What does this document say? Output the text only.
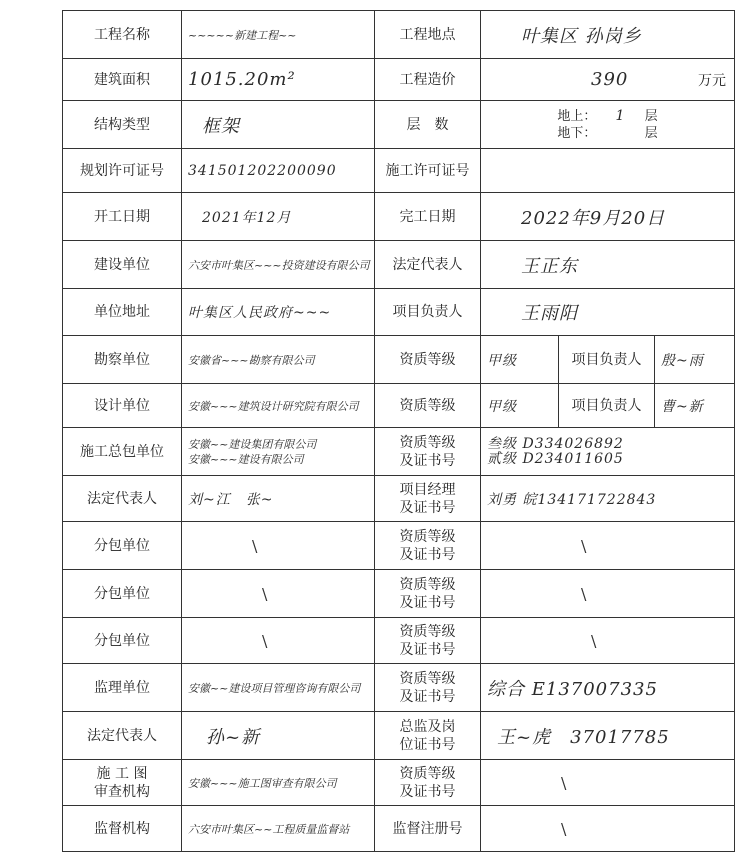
工程名称	~~~~~新建工程~~	工程地点	叶集区 孙岗乡		

建筑面积	1015.20m²	工程造价	390 万元		

结构类型	框架	层　数	地上： 1 层
地下： 层		

规划许可证号	341501202200090	施工许可证号			

开工日期	2021年12月	完工日期	2022年9月20日		

建设单位	六安市叶集区~~~投资建设有限公司	法定代表人	王正东		

单位地址	叶集区人民政府~~~	项目负责人	王雨阳		

勘察单位	安徽省~~~勘察有限公司	资质等级	甲级	项目负责人	殷~雨

设计单位	安徽~~~建筑设计研究院有限公司	资质等级	甲级	项目负责人	曹~新

施工总包单位	安徽~~建设集团有限公司
安徽~~~建设有限公司	资质等级
及证书号	叁级 D334026892
贰级 D234011605		

法定代表人	刘~江　张~	项目经理
及证书号	刘勇 皖134171722843		

分包单位	\	资质等级
及证书号	\		

分包单位	\	资质等级
及证书号	\		

分包单位	\	资质等级
及证书号	\		

监理单位	安徽~~建设项目管理咨询有限公司	资质等级
及证书号	综合 E137007335		

法定代表人	孙~新	总监及岗
位证书号	王~虎　37017785		

施 工 图
审查机构	安徽~~~施工图审查有限公司	资质等级
及证书号	\		

监督机构	六安市叶集区~~工程质量监督站	监督注册号	\		
